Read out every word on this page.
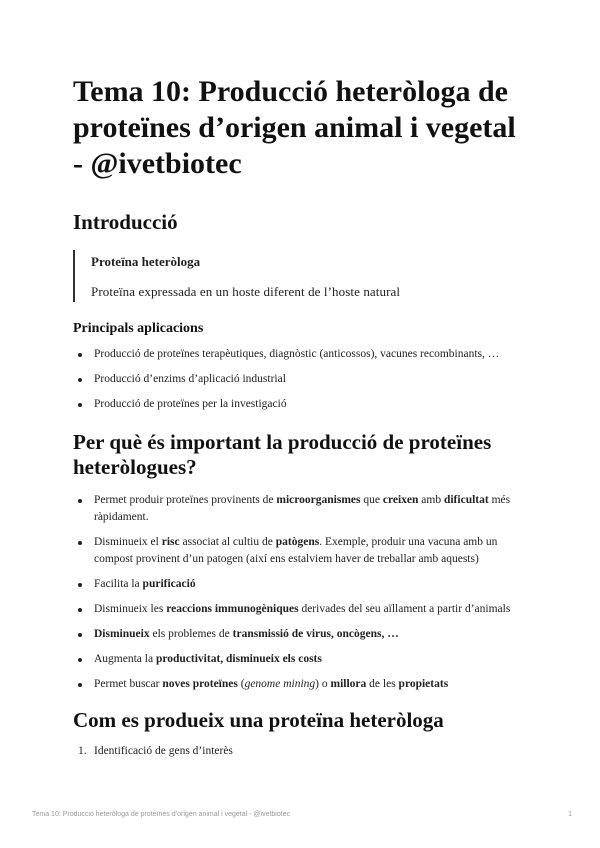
Tema 10: Producció heteròloga de proteïnes d’origen animal i vegetal - @ivetbiotec
Introducció
Proteïna heteròloga
Proteïna expressada en un hoste diferent de l’hoste natural
Principals aplicacions
Producció de proteïnes terapèutiques, diagnòstic (anticossos), vacunes recombinants, …
Producció d’enzims d’aplicació industrial
Producció de proteïnes per la investigació
Per què és important la producció de proteïnes heteròlogues?
Permet produir proteïnes provinents de microorganismes que creixen amb dificultat més ràpidament.
Disminueix el risc associat al cultiu de patògens. Exemple, produir una vacuna amb un compost provinent d’un patogen (així ens estalviem haver de treballar amb aquests)
Facilita la purificació
Disminueix les reaccions immunogèniques derivades del seu aïllament a partir d’animals
Disminueix els problemes de transmissió de virus, oncògens, …
Augmenta la productivitat, disminueix els costs
Permet buscar noves proteïnes (genome mining) o millora de les propietats
Com es produeix una proteïna heteròloga
1. Identificació de gens d’interès
Tema 10: Producció heteròloga de proteïnes d’origen animal i vegetal - @ivetbiotec	1
